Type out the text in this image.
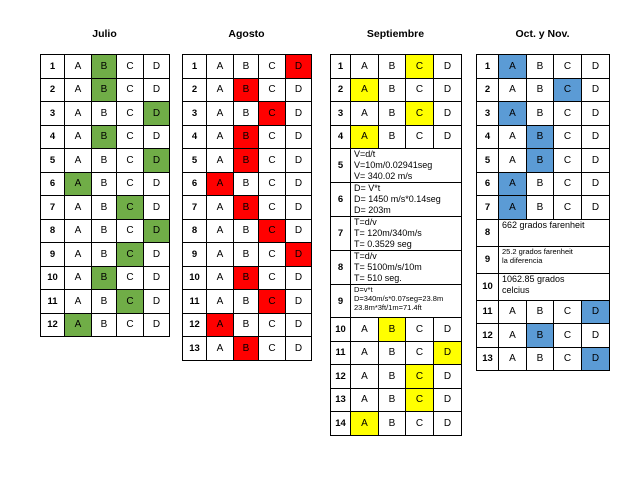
Julio
1	A	B	C	D
2	A	B	C	D
3	A	B	C	D
4	A	B	C	D
5	A	B	C	D
6	A	B	C	D
7	A	B	C	D
8	A	B	C	D
9	A	B	C	D
10	A	B	C	D
11	A	B	C	D
12	A	B	C	D
Agosto
1	A	B	C	D
2	A	B	C	D
3	A	B	C	D
4	A	B	C	D
5	A	B	C	D
6	A	B	C	D
7	A	B	C	D
8	A	B	C	D
9	A	B	C	D
10	A	B	C	D
11	A	B	C	D
12	A	B	C	D
13	A	B	C	D
Septiembre
1	A	B	C	D
2	A	B	C	D
3	A	B	C	D
4	A	B	C	D
5	V=d/t
V=10m/0.02941seg
V= 340.02 m/s			

6	D= V*t
D= 1450 m/s*0.14seg
D= 203m			

7	T=d/v
T= 120m/340m/s
T= 0.3529 seg			

8	T=d/v
T= 5100m/s/10m
T= 510 seg.			

9	D=v*t
D=340m/s*0.07seg=23.8m
23.8m*3ft/1m=71.4ft			

10	A	B	C	D
11	A	B	C	D
12	A	B	C	D
13	A	B	C	D
14	A	B	C	D
Oct. y Nov.
1	A	B	C	D
2	A	B	C	D
3	A	B	C	D
4	A	B	C	D
5	A	B	C	D
6	A	B	C	D
7	A	B	C	D
8	662 grados farenheit			

9	25.2 grados farenheit
la diferencia			

10	1062.85 grados
celcius			

11	A	B	C	D
12	A	B	C	D
13	A	B	C	D
